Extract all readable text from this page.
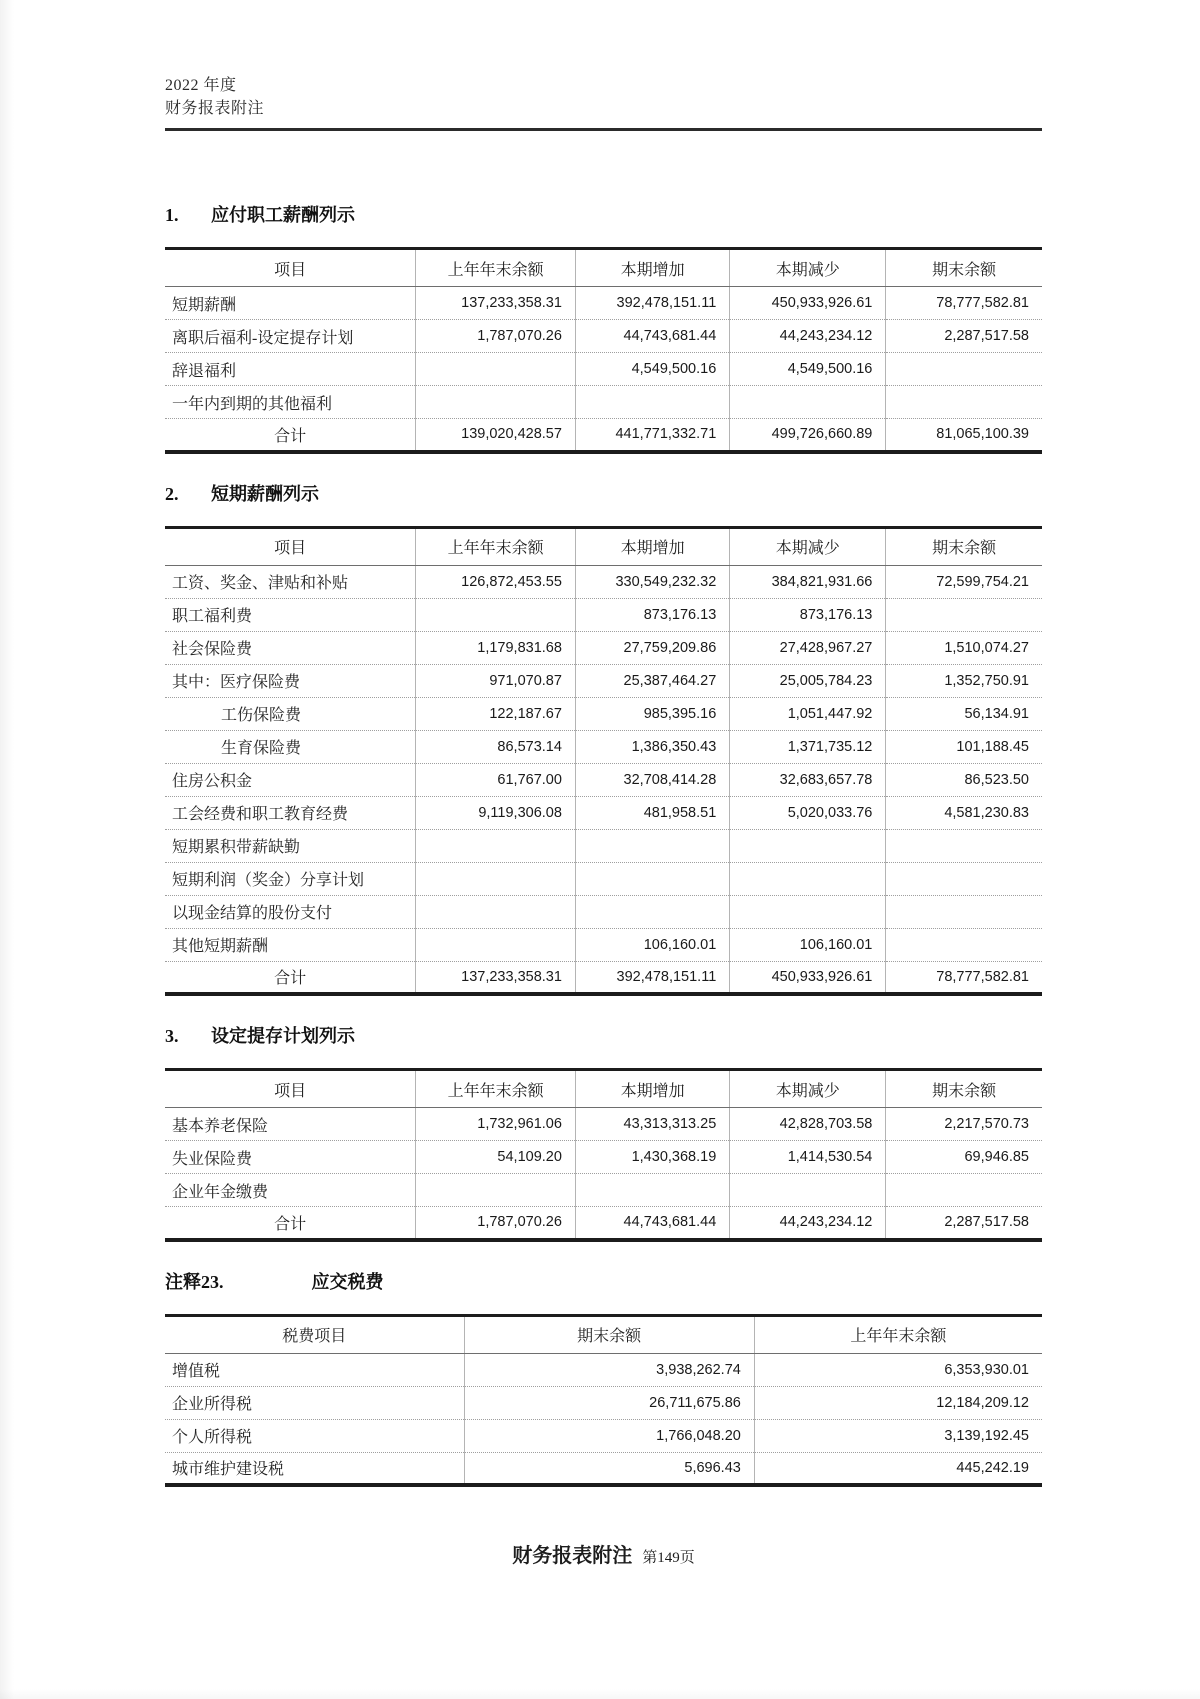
2022 年度
财务报表附注
1. 应付职工薪酬列示
项目	上年年末余额	本期增加	本期减少	期末余额
短期薪酬	137,233,358.31	392,478,151.11	450,933,926.61	78,777,582.81
离职后福利-设定提存计划	1,787,070.26	44,743,681.44	44,243,234.12	2,287,517.58
辞退福利		4,549,500.16	4,549,500.16	
一年内到期的其他福利				
合计	139,020,428.57	441,771,332.71	499,726,660.89	81,065,100.39
2. 短期薪酬列示
项目	上年年末余额	本期增加	本期减少	期末余额
工资、奖金、津贴和补贴	126,872,453.55	330,549,232.32	384,821,931.66	72,599,754.21
职工福利费		873,176.13	873,176.13	
社会保险费	1,179,831.68	27,759,209.86	27,428,967.27	1,510,074.27
其中：医疗保险费	971,070.87	25,387,464.27	25,005,784.23	1,352,750.91
工伤保险费	122,187.67	985,395.16	1,051,447.92	56,134.91
生育保险费	86,573.14	1,386,350.43	1,371,735.12	101,188.45
住房公积金	61,767.00	32,708,414.28	32,683,657.78	86,523.50
工会经费和职工教育经费	9,119,306.08	481,958.51	5,020,033.76	4,581,230.83
短期累积带薪缺勤				
短期利润（奖金）分享计划				
以现金结算的股份支付				
其他短期薪酬		106,160.01	106,160.01	
合计	137,233,358.31	392,478,151.11	450,933,926.61	78,777,582.81
3. 设定提存计划列示
项目	上年年末余额	本期增加	本期减少	期末余额
基本养老保险	1,732,961.06	43,313,313.25	42,828,703.58	2,217,570.73
失业保险费	54,109.20	1,430,368.19	1,414,530.54	69,946.85
企业年金缴费				
合计	1,787,070.26	44,743,681.44	44,243,234.12	2,287,517.58
注释23.	应交税费
税费项目	期末余额	上年年末余额
增值税	3,938,262.74	6,353,930.01
企业所得税	26,711,675.86	12,184,209.12
个人所得税	1,766,048.20	3,139,192.45
城市维护建设税	5,696.43	445,242.19
财务报表附注 第149页
